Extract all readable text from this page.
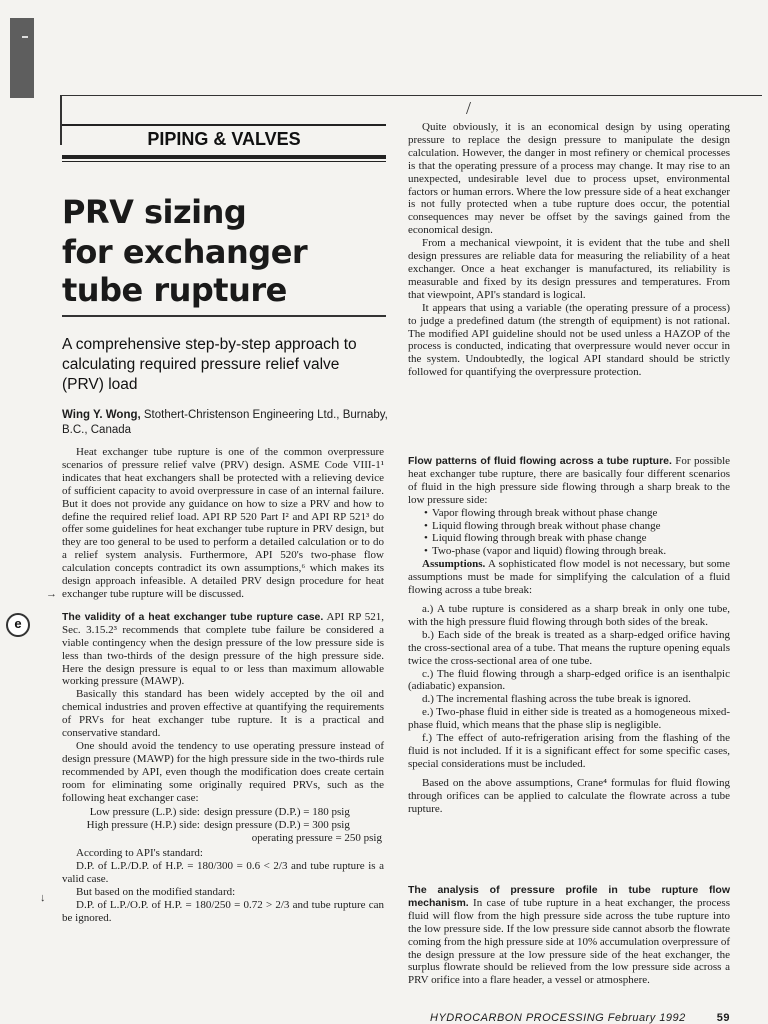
/
e
→
↓
PIPING & VALVES
PRV sizing
for exchanger
tube rupture
A comprehensive step-by-step approach to calculating required pressure relief valve (PRV) load
Wing Y. Wong, Stothert-Christenson Engineering Ltd., Burnaby, B.C., Canada

Heat exchanger tube rupture is one of the common overpressure scenarios of pressure relief valve (PRV) design. ASME Code VIII-1¹ indicates that heat exchangers shall be protected with a relieving device of sufficient capacity to avoid overpressure in case of an internal failure. But it does not provide any guidance on how to size a PRV and how to define the required relief load. API RP 520 Part I² and API RP 521³ do offer some guidelines for heat exchanger tube rupture in PRV design, but they are too general to be used to perform a detailed calculation or to do a relief system analysis. Furthermore, API 520's two-phase flow calculation concepts contradict its own assumptions,⁶ which makes its design approach infeasible. A detailed PRV design procedure for heat exchanger tube rupture will be discussed.

The validity of a heat exchanger tube rupture case. API RP 521, Sec. 3.15.2³ recommends that complete tube failure be considered a viable contingency when the design pressure of the low pressure side is less than two-thirds of the design pressure of the high pressure side. Here the design pressure is equal to or less than maximum allowable working pressure (MAWP).

Basically this standard has been widely accepted by the oil and chemical industries and proven effective at quantifying the requirements of PRVs for heat exchanger tube rupture. It is a practical and conservative standard.

One should avoid the tendency to use operating pressure instead of design pressure (MAWP) for the high pressure side in the two-thirds rule recommended by API, even though the modification does create certain room for eliminating some originally required PRVs, such as the following heat exchanger case:

Low pressure (L.P.) side: design pressure (D.P.) = 180 psig
High pressure (H.P.) side: design pressure (D.P.) = 300 psig
operating pressure = 250 psig

According to API's standard:

D.P. of L.P./D.P. of H.P. = 180/300 = 0.6 < 2/3 and tube rupture is a valid case.

But based on the modified standard:

D.P. of L.P./O.P. of H.P. = 180/250 = 0.72 > 2/3 and tube rupture can be ignored.

Quite obviously, it is an economical design by using operating pressure to replace the design pressure to manipulate the design calculation. However, the danger in most refinery or chemical processes is that the operating pressure of a process may change. It may rise to an unexpected, undesirable level due to process upset, environmental factors or human errors. Where the low pressure side of a heat exchanger is not fully protected when a tube rupture does occur, the potential consequences may never be offset by the savings gained from the economical design.

From a mechanical viewpoint, it is evident that the tube and shell design pressures are reliable data for measuring the reliability of a heat exchanger. Once a heat exchanger is manufactured, its reliability is measurable and fixed by its design pressures and temperatures. From that viewpoint, API's standard is logical.

It appears that using a variable (the operating pressure of a process) to judge a predefined datum (the strength of equipment) is not rational. The modified API guideline should not be used unless a HAZOP of the process is conducted, indicating that overpressure would never occur in the system. Undoubtedly, the logical API standard should be strictly followed for quantifying the overpressure protection.

Flow patterns of fluid flowing across a tube rupture. For possible heat exchanger tube rupture, there are basically four different scenarios of fluid in the high pressure side flowing through a sharp break to the low pressure side:

• Vapor flowing through break without phase change
• Liquid flowing through break without phase change
• Liquid flowing through break with phase change
• Two-phase (vapor and liquid) flowing through break.

Assumptions. A sophisticated flow model is not necessary, but some assumptions must be made for simplifying the calculation of a fluid flowing across a tube break:

a.) A tube rupture is considered as a sharp break in only one tube, with the high pressure fluid flowing through both sides of the break.

b.) Each side of the break is treated as a sharp-edged orifice having the cross-sectional area of a tube. That means the rupture opening equals twice the cross-sectional area of one tube.

c.) The fluid flowing through a sharp-edged orifice is an isenthalpic (adiabatic) expansion.

d.) The incremental flashing across the tube break is ignored.

e.) Two-phase fluid in either side is treated as a homogeneous mixed-phase fluid, which means that the phase slip is negligible.

f.) The effect of auto-refrigeration arising from the flashing of the fluid is not included. If it is a significant effect for some specific cases, special considerations must be included.

Based on the above assumptions, Crane⁴ formulas for fluid flowing through orifices can be applied to calculate the flowrate across a tube rupture.

The analysis of pressure profile in tube rupture flow mechanism. In case of tube rupture in a heat exchanger, the process fluid will flow from the high pressure side across the tube rupture into the low pressure side. If the low pressure side cannot absorb the flowrate coming from the high pressure side at 10% accumulation overpressure of the design pressure at the low pressure side of the heat exchanger, the surplus flowrate should be relieved from the low pressure side across a PRV orifice into a flare header, a vessel or atmosphere.

HYDROCARBON PROCESSING February 1992	59
